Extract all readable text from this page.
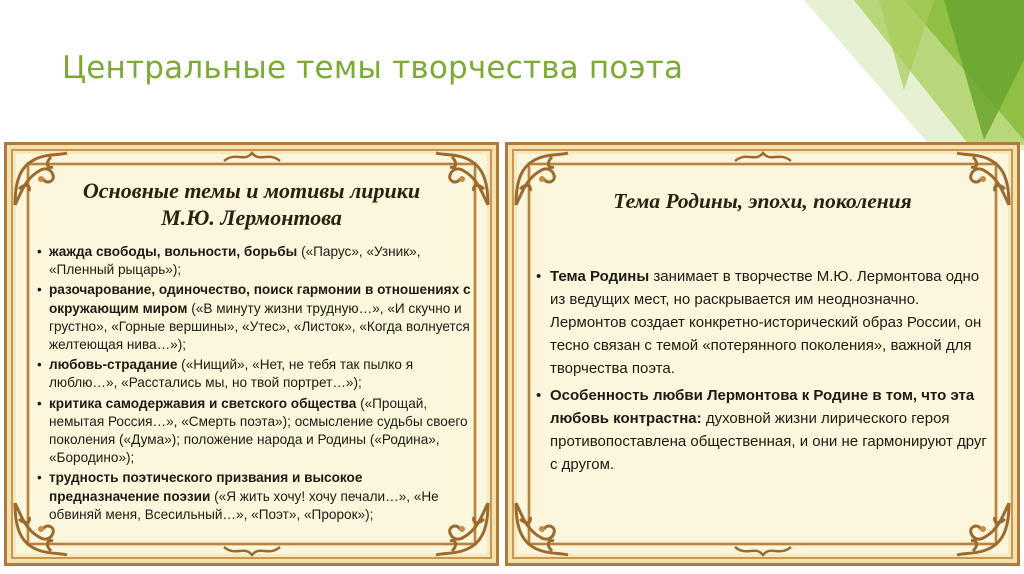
Центральные темы творчества поэта
Основные темы и мотивы лирики
М.Ю. Лермонтова
• жажда свободы, вольности, борьбы («Парус», «Узник», «Пленный рыцарь»);
• разочарование, одиночество, поиск гармонии в отношениях с окружающим миром («В минуту жизни трудную…», «И скучно и грустно», «Горные вершины», «Утес», «Листок», «Когда волнуется желтеющая нива…»);
• любовь-страдание («Нищий», «Нет, не тебя так пылко я люблю…», «Расстались мы, но твой портрет…»);
• критика самодержавия и светского общества («Прощай, немытая Россия…», «Смерть поэта»); осмысление судьбы своего поколения («Дума»); положение народа и Родины («Родина», «Бородино»);
• трудность поэтического призвания и высокое предназначение поэзии («Я жить хочу! хочу печали…», «Не обвиняй меня, Всесильный…», «Поэт», «Пророк»);
Тема Родины, эпохи, поколения
• Тема Родины занимает в творчестве М.Ю. Лермонтова одно из ведущих мест, но раскрывается им неоднозначно. Лермонтов создает конкретно-исторический образ России, он тесно связан с темой «потерянного поколения», важной для творчества поэта.
• Особенность любви Лермонтова к Родине в том, что эта любовь контрастна: духовной жизни лирического героя противопоставлена общественная, и они не гармонируют друг с другом.
